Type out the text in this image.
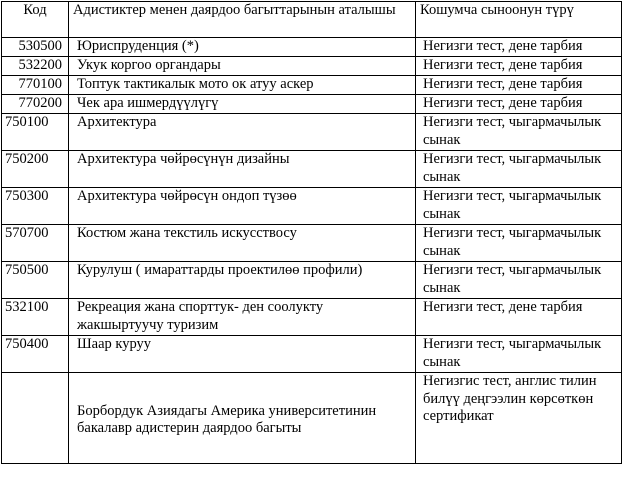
Код	Адистиктер менен даярдоо багыттарынын аталышы	Кошумча сыноонун түрү
530500	Юриспруденция (*)	Негизги тест, дене тарбия
532200	Укук коргоо органдары	Негизги тест, дене тарбия
770100	Топтук тактикалык мото ок атуу аскер	Негизги тест, дене тарбия
770200	Чек ара ишмердүүлүгү	Негизги тест, дене тарбия
750100	Архитектура	Негизги тест, чыгармачылык сынак
750200	Архитектура чөйрөсүнүн дизайны	Негизги тест, чыгармачылык сынак
750300	Архитектура чөйрөсүн ондоп түзөө	Негизги тест, чыгармачылык сынак
570700	Костюм жана текстиль искусствосу	Негизги тест, чыгармачылык сынак
750500	Курулуш ( имараттарды проектилөө профили)	Негизги тест, чыгармачылык сынак
532100	Рекреация жана спорттук- ден соолукту жакшыртуучу туризим	Негизги тест, дене тарбия
750400	Шаар куруу	Негизги тест, чыгармачылык сынак
	Борбордук Азиядагы Америка университетинин бакалавр адистерин даярдоо багыты	Негизгис тест, англис тилин билүү деңгээлин көрсөткөн сертификат
